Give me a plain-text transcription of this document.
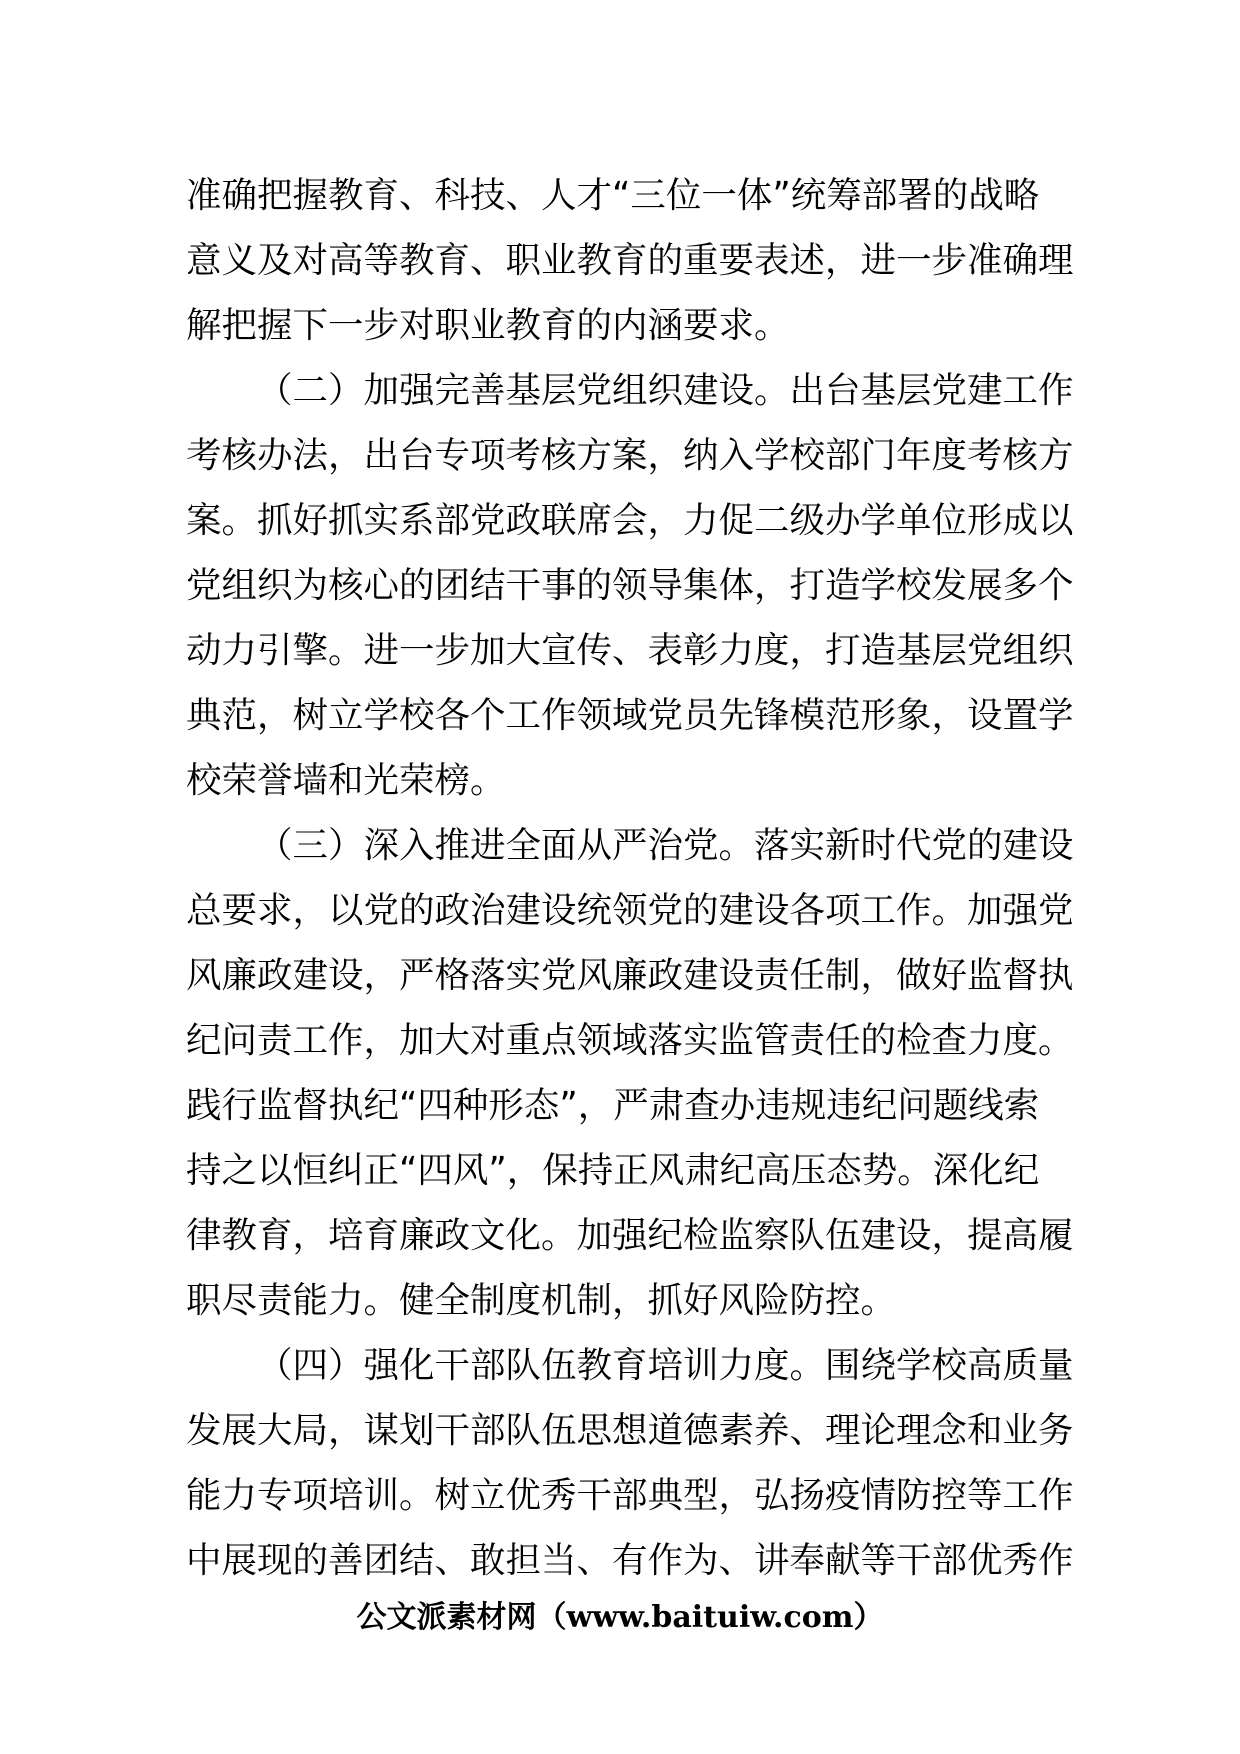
准确把握教育、科技、人才“三位一体”统筹部署的战略
意义及对高等教育、职业教育的重要表述，进一步准确理
解把握下一步对职业教育的内涵要求。
（二）加强完善基层党组织建设。出台基层党建工作
考核办法，出台专项考核方案，纳入学校部门年度考核方
案。抓好抓实系部党政联席会，力促二级办学单位形成以
党组织为核心的团结干事的领导集体，打造学校发展多个
动力引擎。进一步加大宣传、表彰力度，打造基层党组织
典范，树立学校各个工作领域党员先锋模范形象，设置学
校荣誉墙和光荣榜。
（三）深入推进全面从严治党。落实新时代党的建设
总要求，以党的政治建设统领党的建设各项工作。加强党
风廉政建设，严格落实党风廉政建设责任制，做好监督执
纪问责工作，加大对重点领域落实监管责任的检查力度。
践行监督执纪“四种形态”，严肃查办违规违纪问题线索
持之以恒纠正“四风”，保持正风肃纪高压态势。深化纪
律教育，培育廉政文化。加强纪检监察队伍建设，提高履
职尽责能力。健全制度机制，抓好风险防控。
（四）强化干部队伍教育培训力度。围绕学校高质量
发展大局，谋划干部队伍思想道德素养、理论理念和业务
能力专项培训。树立优秀干部典型，弘扬疫情防控等工作
中展现的善团结、敢担当、有作为、讲奉献等干部优秀作
公文派素材网（www.baituiw.com）
